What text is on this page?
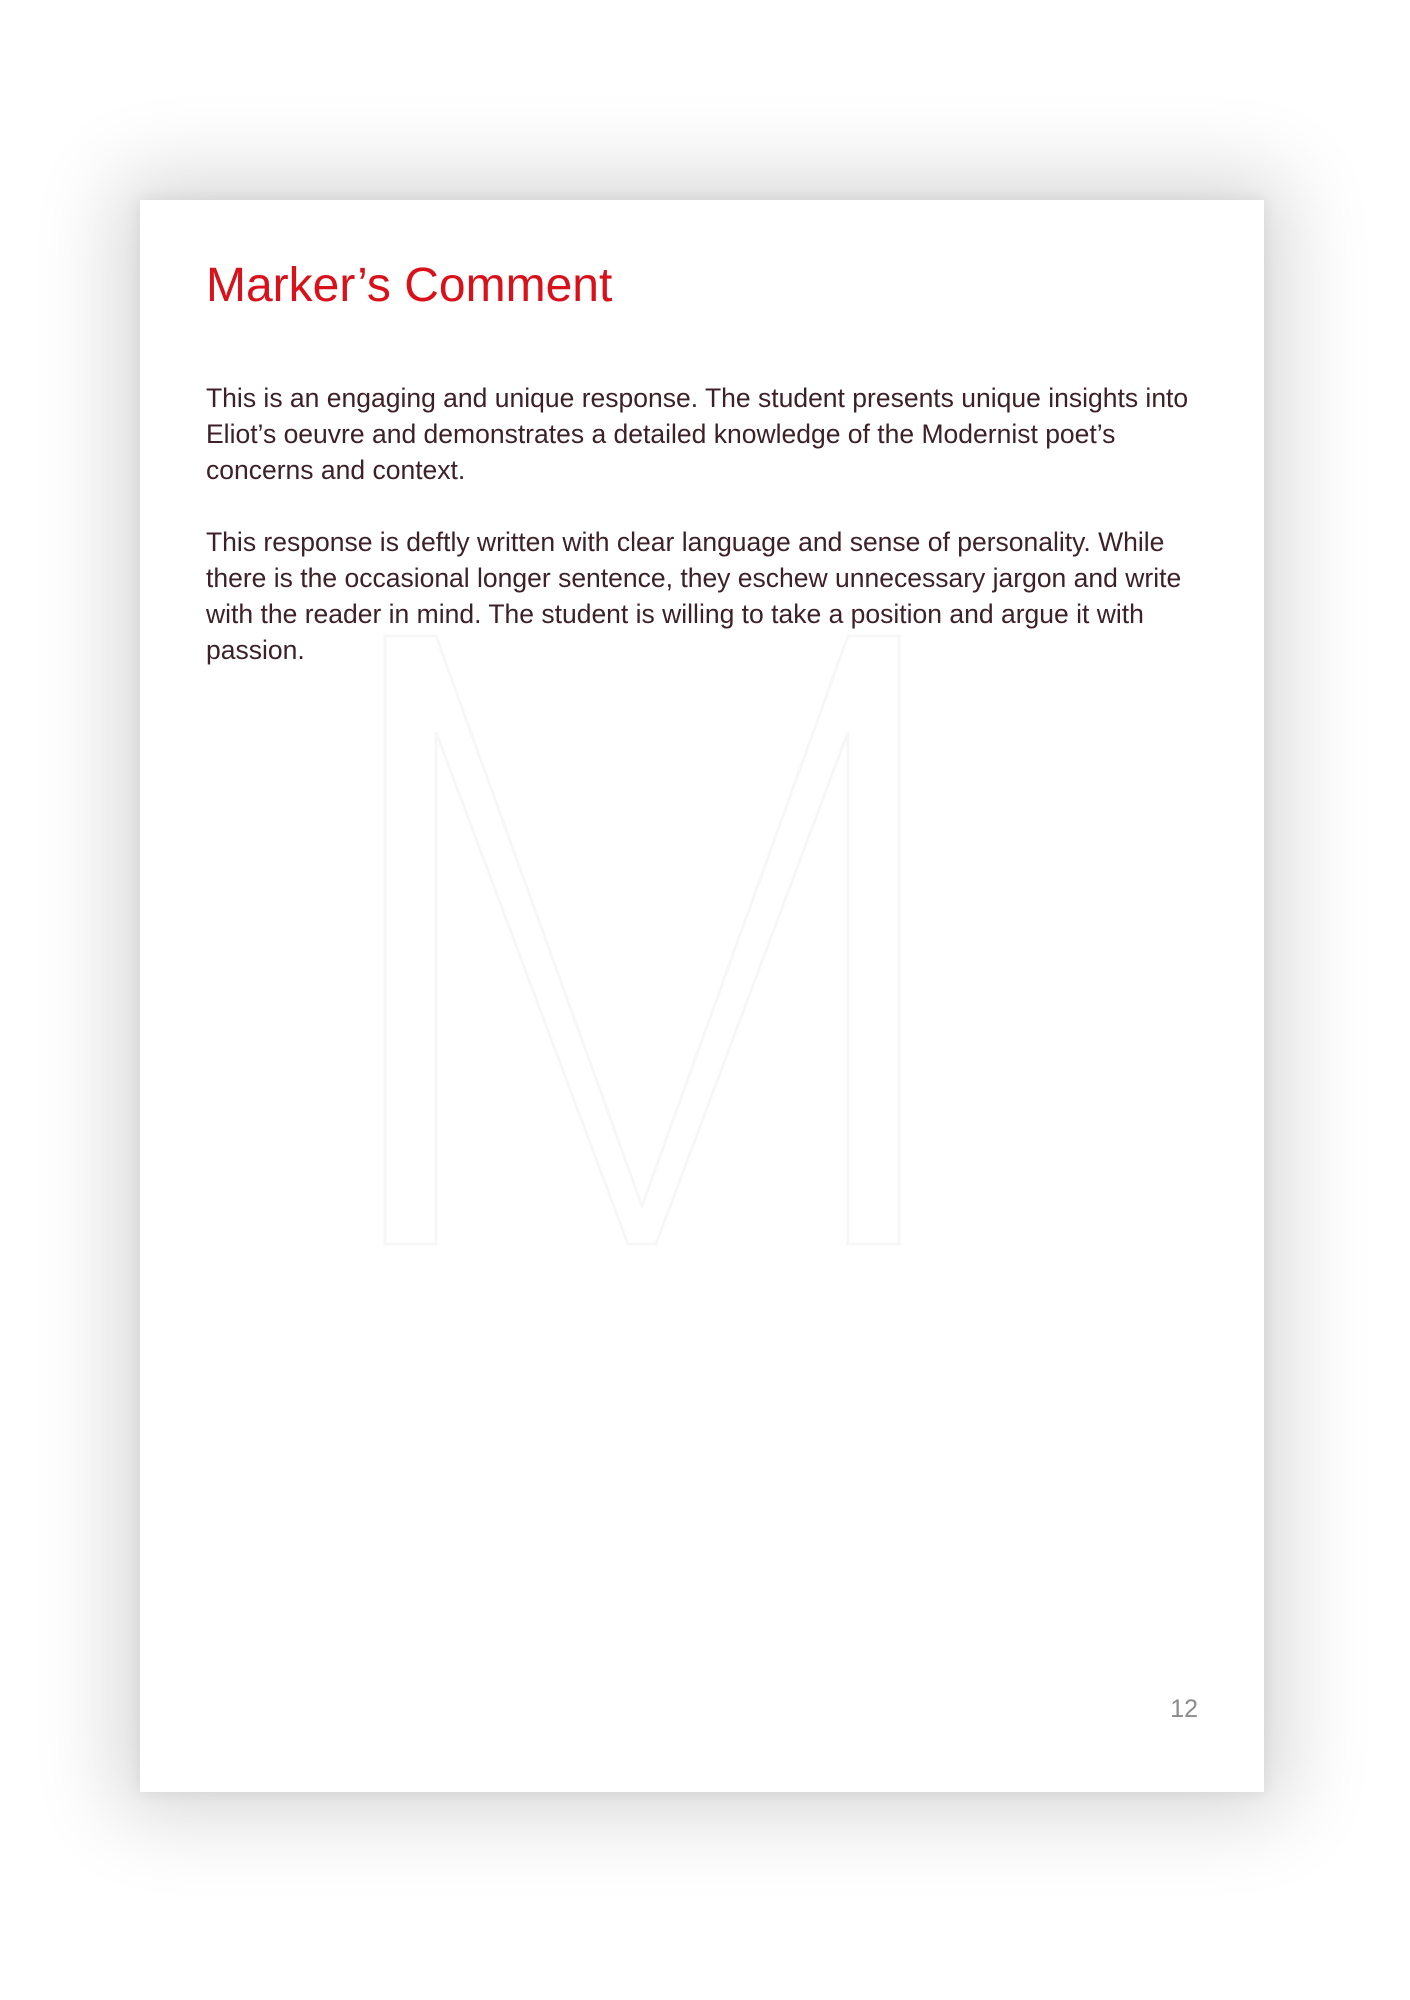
Marker’s Comment

This is an engaging and unique response. The student presents unique insights into Eliot’s oeuvre and demonstrates a detailed knowledge of the Modernist poet’s concerns and context.

This response is deftly written with clear language and sense of personality. While there is the occasional longer sentence, they eschew unnecessary jargon and write with the reader in mind. The student is willing to take a position and argue it with passion.

12
